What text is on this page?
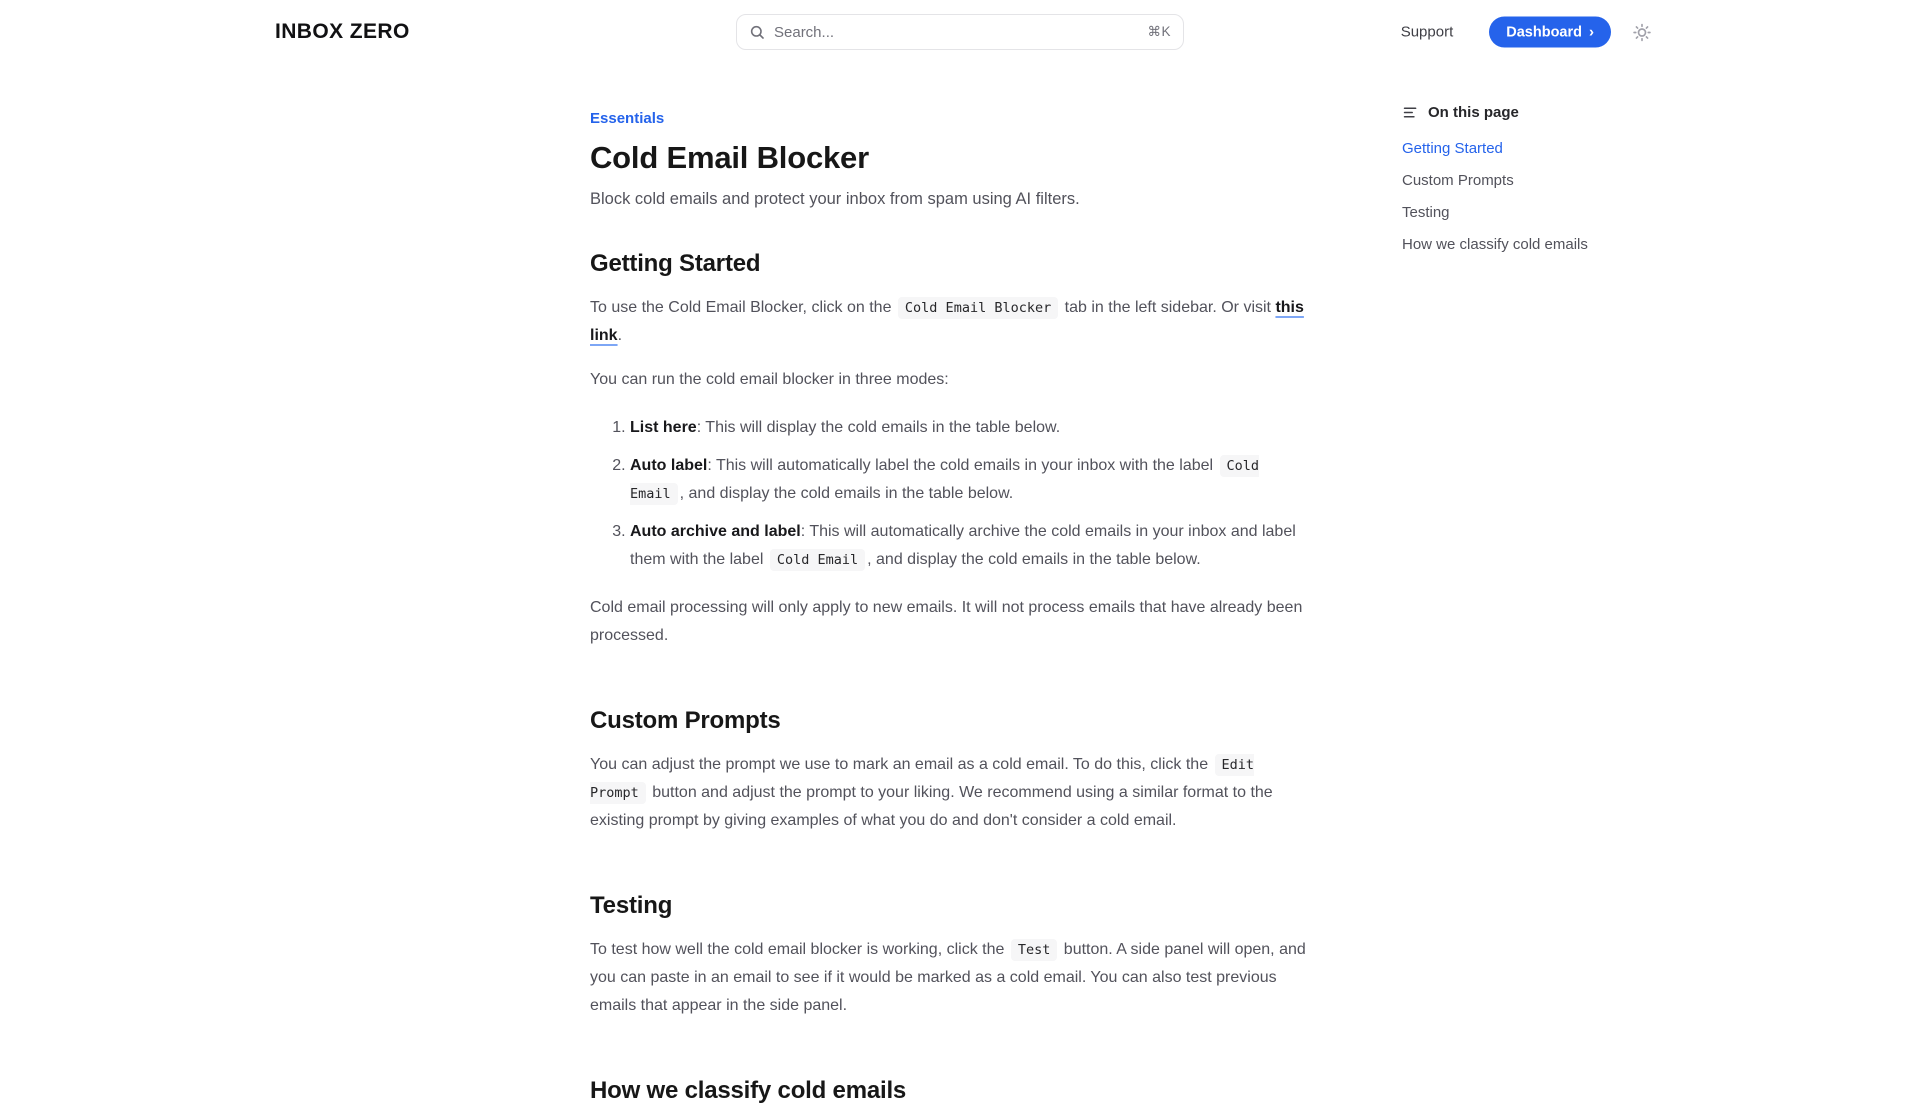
INBOX ZERO
Search...	⌘K	Support	Dashboard ›
Essentials
Cold Email Blocker
Block cold emails and protect your inbox from spam using AI filters.
Getting Started

To use the Cold Email Blocker, click on the Cold Email Blocker tab in the left sidebar. Or visit this link.

You can run the cold email blocker in three modes:

1. List here: This will display the cold emails in the table below.
2. Auto label: This will automatically label the cold emails in your inbox with the label Cold Email , and display the cold emails in the table below.
3. Auto archive and label: This will automatically archive the cold emails in your inbox and label them with the label Cold Email , and display the cold emails in the table below.

Cold email processing will only apply to new emails. It will not process emails that have already been processed.

Custom Prompts

You can adjust the prompt we use to mark an email as a cold email. To do this, click the Edit Prompt button and adjust the prompt to your liking. We recommend using a similar format to the existing prompt by giving examples of what you do and don't consider a cold email.

Testing

To test how well the cold email blocker is working, click the Test button. A side panel will open, and you can paste in an email to see if it would be marked as a cold email. You can also test previous emails that appear in the side panel.

How we classify cold emails
On this page
Getting Started
Custom Prompts
Testing
How we classify cold emails
